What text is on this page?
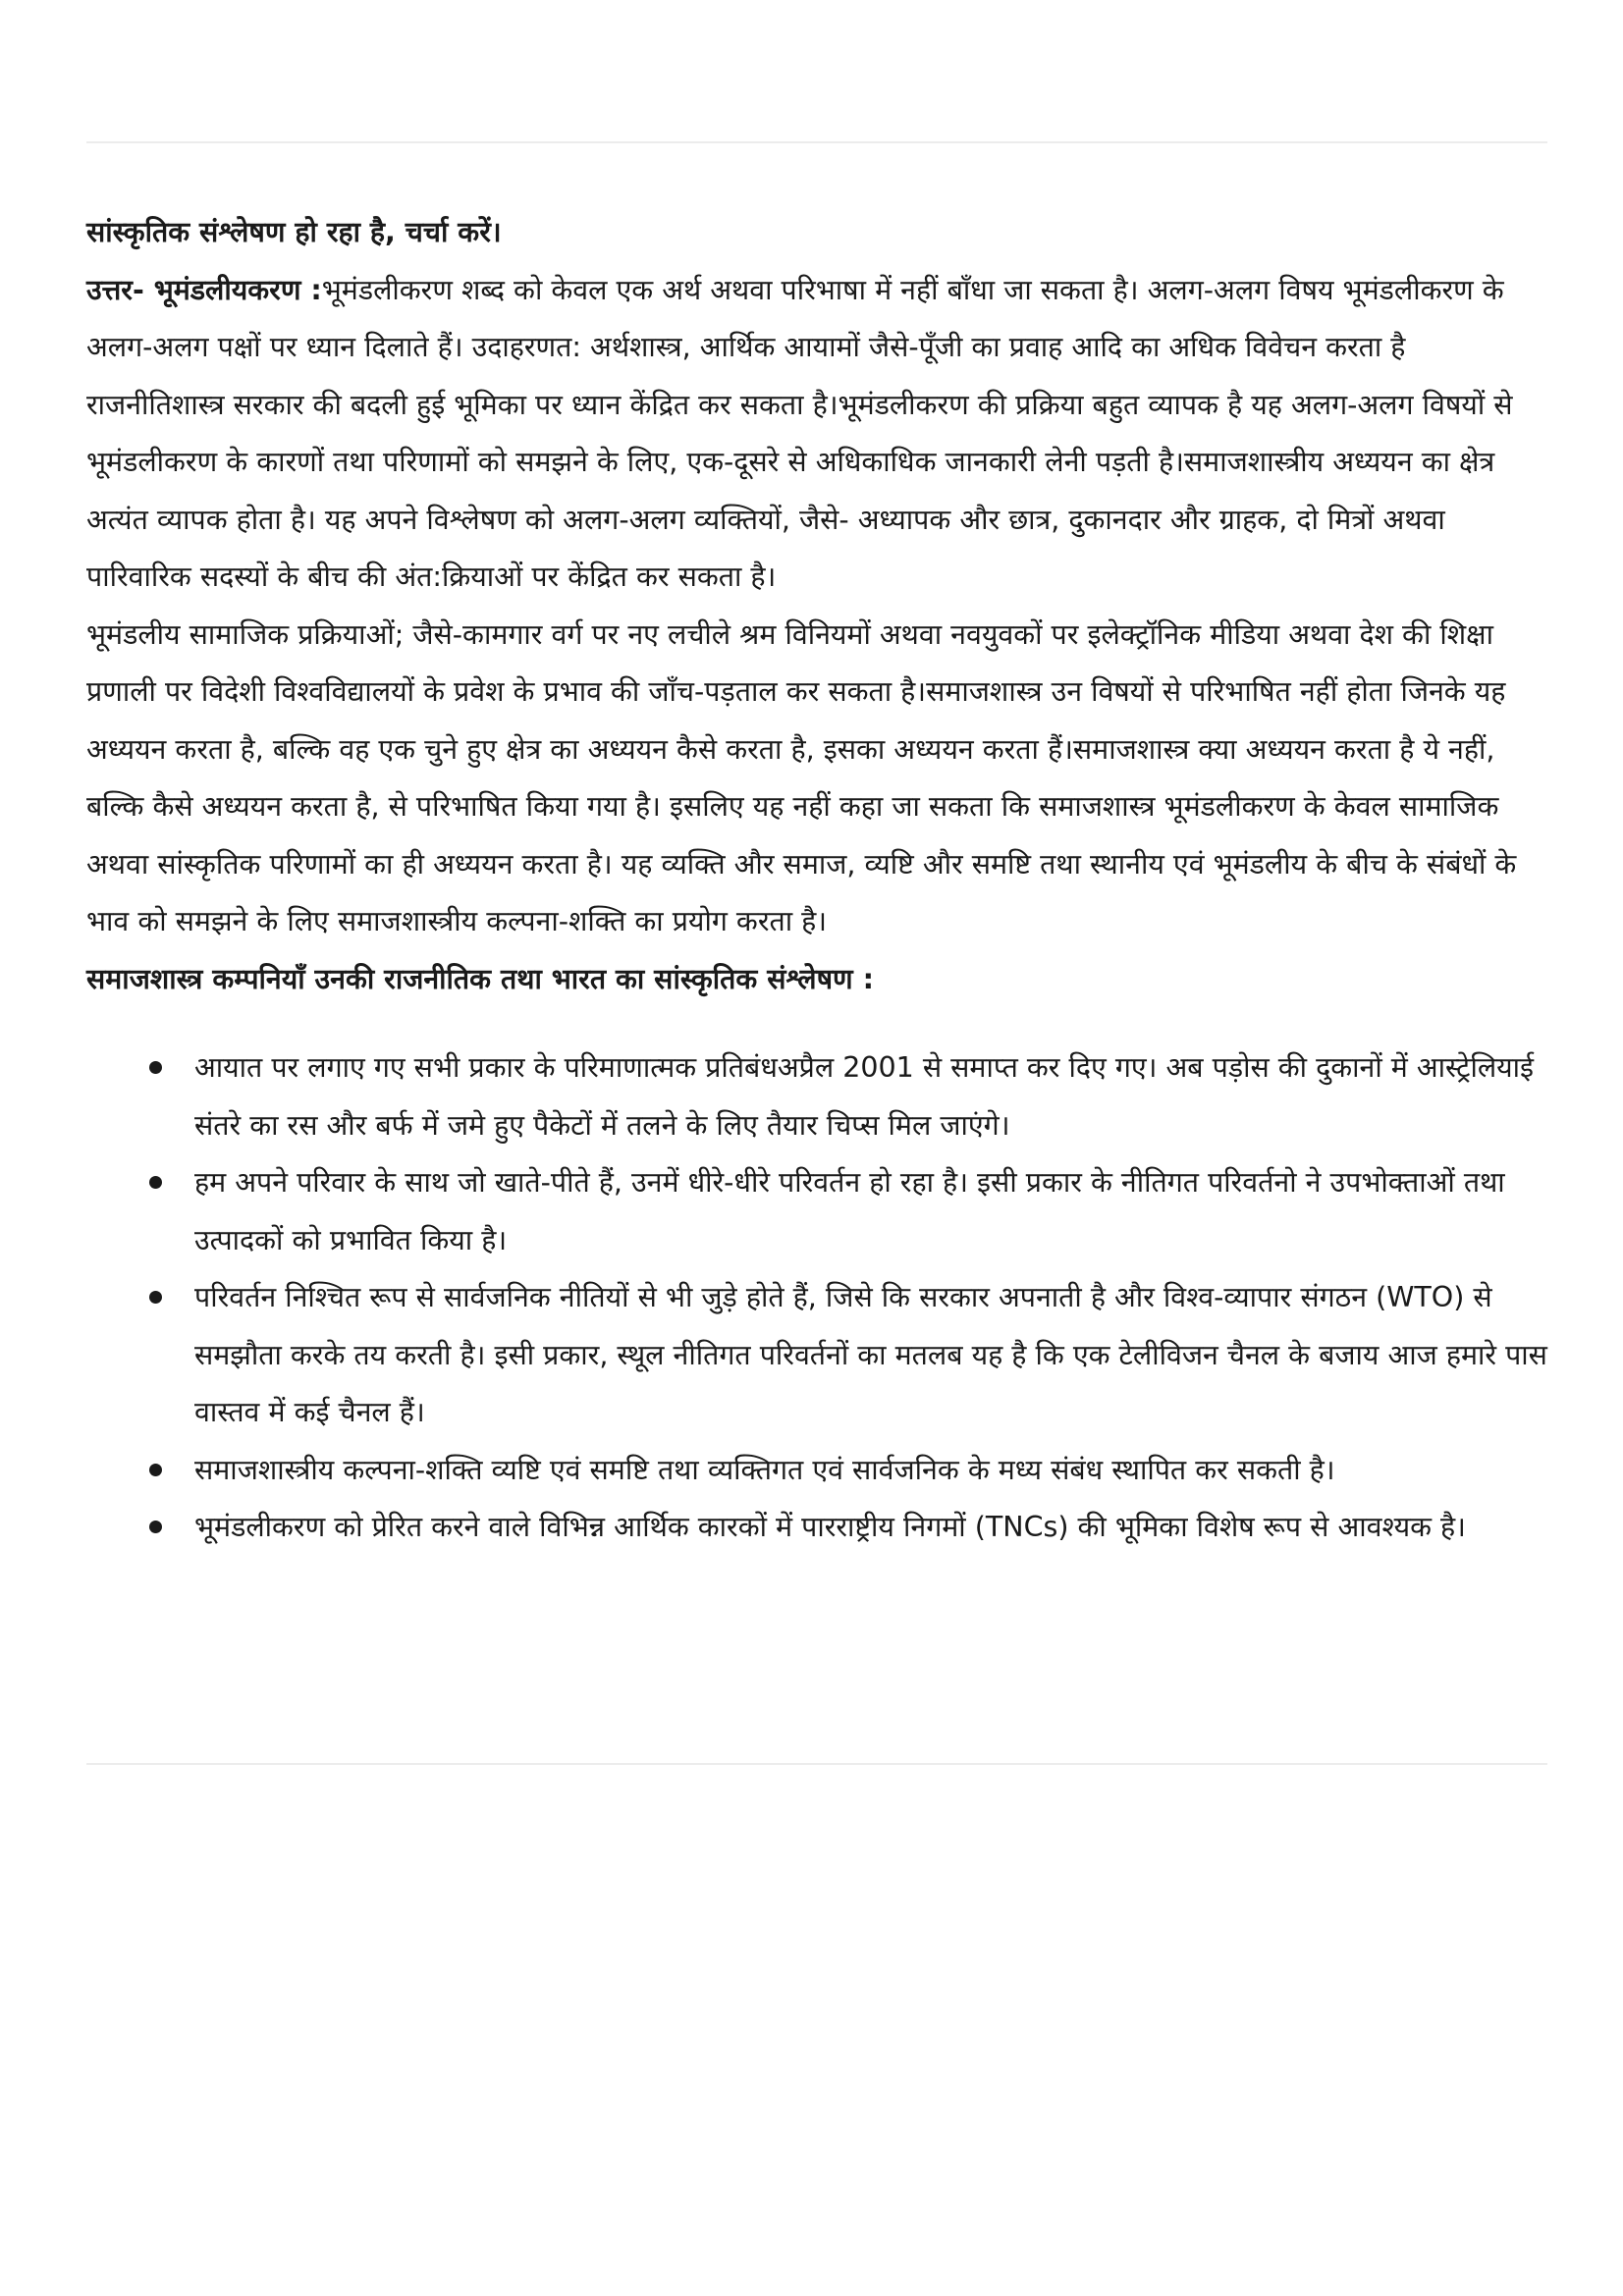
सांस्कृतिक संश्लेषण हो रहा है, चर्चा करें।

उत्तर- भूमंडलीयकरण :भूमंडलीकरण शब्द को केवल एक अर्थ अथवा परिभाषा में नहीं बाँधा जा सकता है। अलग-अलग विषय भूमंडलीकरण के अलग-अलग पक्षों पर ध्यान दिलाते हैं। उदाहरणत: अर्थशास्त्र, आर्थिक आयामों जैसे-पूँजी का प्रवाह आदि का अधिक विवेचन करता है राजनीतिशास्त्र सरकार की बदली हुई भूमिका पर ध्यान केंद्रित कर सकता है।भूमंडलीकरण की प्रक्रिया बहुत व्यापक है यह अलग-अलग विषयों से भूमंडलीकरण के कारणों तथा परिणामों को समझने के लिए, एक-दूसरे से अधिकाधिक जानकारी लेनी पड़ती है।समाजशास्त्रीय अध्ययन का क्षेत्र अत्यंत व्यापक होता है। यह अपने विश्लेषण को अलग-अलग व्यक्तियों, जैसे- अध्यापक और छात्र, दुकानदार और ग्राहक, दो मित्रों अथवा पारिवारिक सदस्यों के बीच की अंत:क्रियाओं पर केंद्रित कर सकता है।

भूमंडलीय सामाजिक प्रक्रियाओं; जैसे-कामगार वर्ग पर नए लचीले श्रम विनियमों अथवा नवयुवकों पर इलेक्ट्रॉनिक मीडिया अथवा देश की शिक्षा प्रणाली पर विदेशी विश्वविद्यालयों के प्रवेश के प्रभाव की जाँच-पड़ताल कर सकता है।समाजशास्त्र उन विषयों से परिभाषित नहीं होता जिनके यह अध्ययन करता है, बल्कि वह एक चुने हुए क्षेत्र का अध्ययन कैसे करता है, इसका अध्ययन करता हैं।समाजशास्त्र क्या अध्ययन करता है ये नहीं, बल्कि कैसे अध्ययन करता है, से परिभाषित किया गया है। इसलिए यह नहीं कहा जा सकता कि समाजशास्त्र भूमंडलीकरण के केवल सामाजिक अथवा सांस्कृतिक परिणामों का ही अध्ययन करता है। यह व्यक्ति और समाज, व्यष्टि और समष्टि तथा स्थानीय एवं भूमंडलीय के बीच के संबंधों के भाव को समझने के लिए समाजशास्त्रीय कल्पना-शक्ति का प्रयोग करता है।

समाजशास्त्र कम्पनियाँ उनकी राजनीतिक तथा भारत का सांस्कृतिक संश्लेषण :

आयात पर लगाए गए सभी प्रकार के परिमाणात्मक प्रतिबंधअप्रैल 2001 से समाप्त कर दिए गए। अब पड़ोस की दुकानों में आस्ट्रेलियाई संतरे का रस और बर्फ में जमे हुए पैकेटों में तलने के लिए तैयार चिप्स मिल जाएंगे।
हम अपने परिवार के साथ जो खाते-पीते हैं, उनमें धीरे-धीरे परिवर्तन हो रहा है। इसी प्रकार के नीतिगत परिवर्तनो ने उपभोक्ताओं तथा उत्पादकों को प्रभावित किया है।
परिवर्तन निश्चित रूप से सार्वजनिक नीतियों से भी जुड़े होते हैं, जिसे कि सरकार अपनाती है और विश्व-व्यापार संगठन (WTO) से समझौता करके तय करती है। इसी प्रकार, स्थूल नीतिगत परिवर्तनों का मतलब यह है कि एक टेलीविजन चैनल के बजाय आज हमारे पास वास्तव में कई चैनल हैं।
समाजशास्त्रीय कल्पना-शक्ति व्यष्टि एवं समष्टि तथा व्यक्तिगत एवं सार्वजनिक के मध्य संबंध स्थापित कर सकती है।
भूमंडलीकरण को प्रेरित करने वाले विभिन्न आर्थिक कारकों में पारराष्ट्रीय निगमों (TNCs) की भूमिका विशेष रूप से आवश्यक है।
